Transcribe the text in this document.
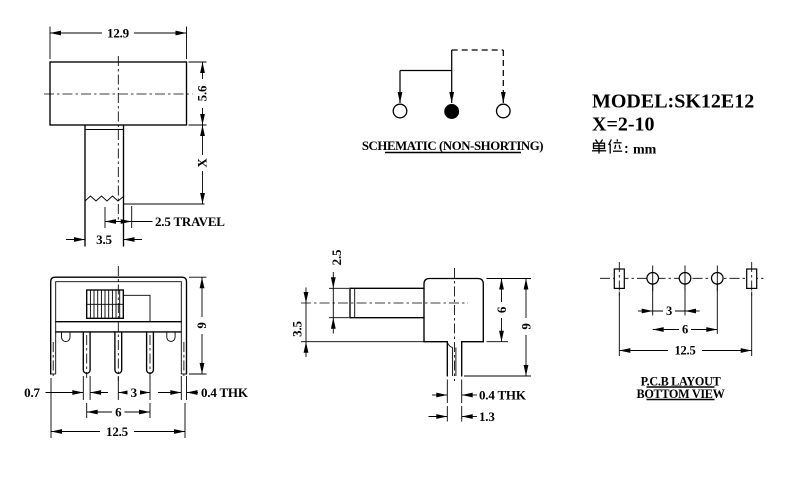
12.9
5.6
X
2.5 TRAVEL
3.5
SCHEMATIC (NON-SHORTING)
MODEL:SK12E12
X=2-10
mm
9
0.7	3	0.4 THK
6
12.5
2.5
3.5
6
9
0.4 THK
1.3
3
6
12.5
P.C.B LAYOUT
BOTTOM VIEW
